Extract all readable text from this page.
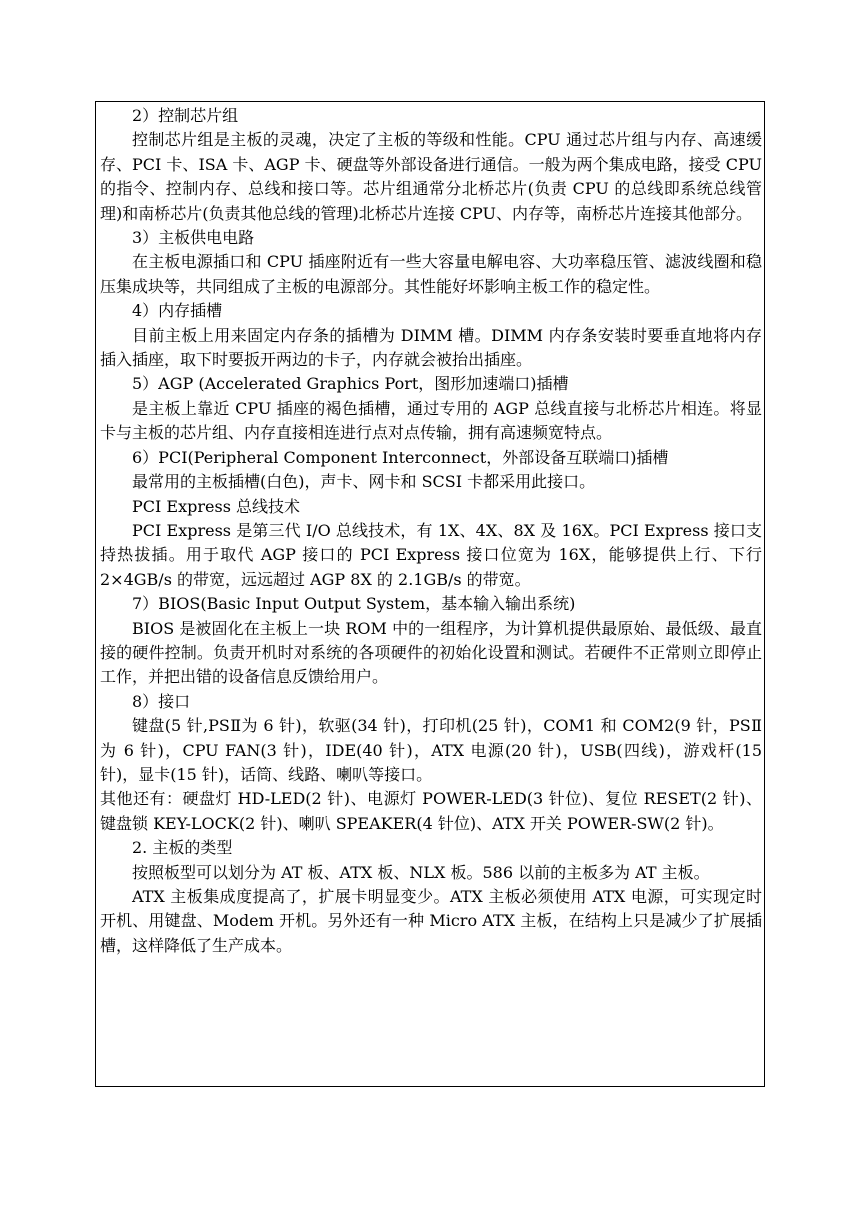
2）控制芯片组

控制芯片组是主板的灵魂，决定了主板的等级和性能。CPU 通过芯片组与内存、高速缓存、PCI 卡、ISA 卡、AGP 卡、硬盘等外部设备进行通信。一般为两个集成电路，接受 CPU 的指令、控制内存、总线和接口等。芯片组通常分北桥芯片(负责 CPU 的总线即系统总线管理)和南桥芯片(负责其他总线的管理)北桥芯片连接 CPU、内存等，南桥芯片连接其他部分。

3）主板供电电路

在主板电源插口和 CPU 插座附近有一些大容量电解电容、大功率稳压管、滤波线圈和稳压集成块等，共同组成了主板的电源部分。其性能好坏影响主板工作的稳定性。

4）内存插槽

目前主板上用来固定内存条的插槽为 DIMM 槽。DIMM 内存条安装时要垂直地将内存插入插座，取下时要扳开两边的卡子，内存就会被抬出插座。

5）AGP (Accelerated Graphics Port，图形加速端口)插槽

是主板上靠近 CPU 插座的褐色插槽，通过专用的 AGP 总线直接与北桥芯片相连。将显卡与主板的芯片组、内存直接相连进行点对点传输，拥有高速频宽特点。

6）PCI(Peripheral Component Interconnect，外部设备互联端口)插槽

最常用的主板插槽(白色)，声卡、网卡和 SCSI 卡都采用此接口。

PCI Express 总线技术

PCI Express 是第三代 I/O 总线技术，有 1X、4X、8X 及 16X。PCI Express 接口支持热拔插。用于取代 AGP 接口的 PCI Express 接口位宽为 16X，能够提供上行、下行 2×4GB/s 的带宽，远远超过 AGP 8X 的 2.1GB/s 的带宽。

7）BIOS(Basic Input Output System，基本输入输出系统)

BIOS 是被固化在主板上一块 ROM 中的一组程序，为计算机提供最原始、最低级、最直接的硬件控制。负责开机时对系统的各项硬件的初始化设置和测试。若硬件不正常则立即停止工作，并把出错的设备信息反馈给用户。

8）接口

键盘(5 针,PSⅡ为 6 针)，软驱(34 针)，打印机(25 针)，COM1 和 COM2(9 针，PSⅡ为 6 针)，CPU FAN(3 针)，IDE(40 针)，ATX 电源(20 针)，USB(四线)，游戏杆(15 针)，显卡(15 针)，话筒、线路、喇叭等接口。

其他还有：硬盘灯 HD-LED(2 针)、电源灯 POWER-LED(3 针位)、复位 RESET(2 针)、键盘锁 KEY-LOCK(2 针)、喇叭 SPEAKER(4 针位)、ATX 开关 POWER-SW(2 针)。

2. 主板的类型

按照板型可以划分为 AT 板、ATX 板、NLX 板。586 以前的主板多为 AT 主板。

ATX 主板集成度提高了，扩展卡明显变少。ATX 主板必须使用 ATX 电源，可实现定时开机、用键盘、Modem 开机。另外还有一种 Micro ATX 主板，在结构上只是减少了扩展插槽，这样降低了生产成本。
